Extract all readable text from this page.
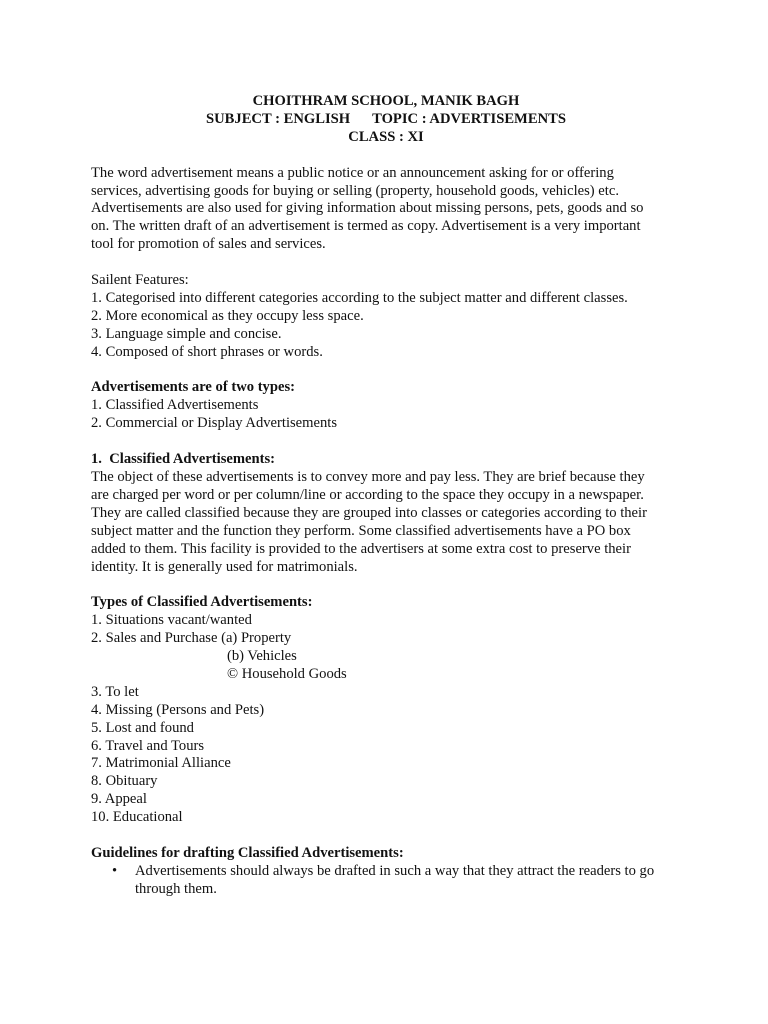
CHOITHRAM SCHOOL, MANIK BAGH
SUBJECT : ENGLISH TOPIC : ADVERTISEMENTS
CLASS : XI
The word advertisement means a public notice or an announcement asking for or offering
services, advertising goods for buying or selling (property, household goods, vehicles) etc.
Advertisements are also used for giving information about missing persons, pets, goods and so
on. The written draft of an advertisement is termed as copy. Advertisement is a very important
tool for promotion of sales and services.
Sailent Features:
1. Categorised into different categories according to the subject matter and different classes.
2. More economical as they occupy less space.
3. Language simple and concise.
4. Composed of short phrases or words.
Advertisements are of two types:
1. Classified Advertisements
2. Commercial or Display Advertisements
1.  Classified Advertisements:
The object of these advertisements is to convey more and pay less. They are brief because they
are charged per word or per column/line or according to the space they occupy in a newspaper.
They are called classified because they are grouped into classes or categories according to their
subject matter and the function they perform. Some classified advertisements have a PO box
added to them. This facility is provided to the advertisers at some extra cost to preserve their
identity. It is generally used for matrimonials.
Types of Classified Advertisements:
1. Situations vacant/wanted
2. Sales and Purchase (a) Property
(b) Vehicles
© Household Goods
3. To let
4. Missing (Persons and Pets)
5. Lost and found
6. Travel and Tours
7. Matrimonial Alliance
8. Obituary
9. Appeal
10. Educational
Guidelines for drafting Classified Advertisements:
• Advertisements should always be drafted in such a way that they attract the readers to go through them.
